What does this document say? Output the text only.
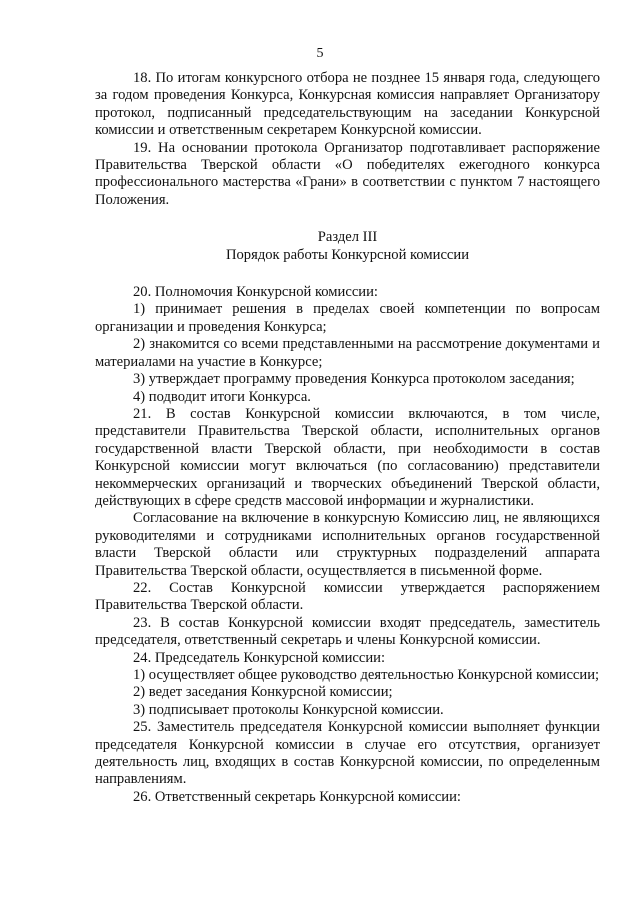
5

18. По итогам конкурсного отбора не позднее 15 января года, следующего за годом проведения Конкурса, Конкурсная комиссия направляет Организатору протокол, подписанный председательствующим на заседании Конкурсной комиссии и ответственным секретарем Конкурсной комиссии.

19. На основании протокола Организатор подготавливает распоряжение Правительства Тверской области «О победителях ежегодного конкурса профессионального мастерства «Грани» в соответствии с пунктом 7 настоящего Положения.

Раздел III

Порядок работы Конкурсной комиссии

20. Полномочия Конкурсной комиссии:

1) принимает решения в пределах своей компетенции по вопросам организации и проведения Конкурса;

2) знакомится со всеми представленными на рассмотрение документами и материалами на участие в Конкурсе;

3) утверждает программу проведения Конкурса протоколом заседания;

4) подводит итоги Конкурса.

21. В состав Конкурсной комиссии включаются, в том числе, представители Правительства Тверской области, исполнительных органов государственной власти Тверской области, при необходимости в состав Конкурсной комиссии могут включаться (по согласованию) представители некоммерческих организаций и творческих объединений Тверской области, действующих в сфере средств массовой информации и журналистики.

Согласование на включение в конкурсную Комиссию лиц, не являющихся руководителями и сотрудниками исполнительных органов государственной власти Тверской области или структурных подразделений аппарата Правительства Тверской области, осуществляется в письменной форме.

22. Состав Конкурсной комиссии утверждается распоряжением Правительства Тверской области.

23. В состав Конкурсной комиссии входят председатель, заместитель председателя, ответственный секретарь и члены Конкурсной комиссии.

24. Председатель Конкурсной комиссии:

1) осуществляет общее руководство деятельностью Конкурсной комиссии;

2) ведет заседания Конкурсной комиссии;

3) подписывает протоколы Конкурсной комиссии.

25. Заместитель председателя Конкурсной комиссии выполняет функции председателя Конкурсной комиссии в случае его отсутствия, организует деятельность лиц, входящих в состав Конкурсной комиссии, по определенным направлениям.

26. Ответственный секретарь Конкурсной комиссии:
